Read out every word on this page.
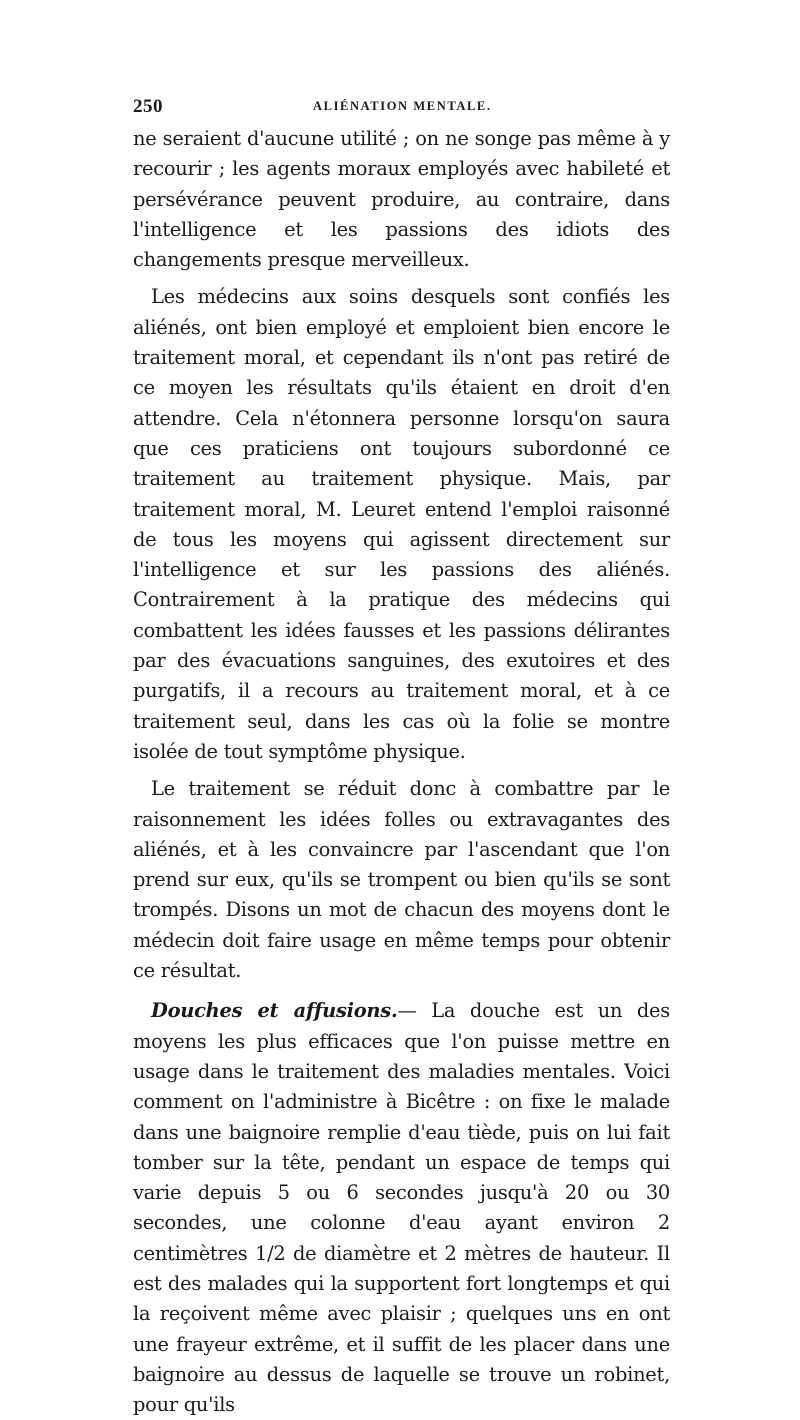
250	ALIÉNATION MENTALE.

ne seraient d'aucune utilité ; on ne songe pas même à y recourir ; les agents moraux employés avec habileté et persévérance peuvent produire, au contraire, dans l'intelligence et les passions des idiots des changements presque merveilleux.

Les médecins aux soins desquels sont confiés les aliénés, ont bien employé et emploient bien encore le traitement moral, et cependant ils n'ont pas retiré de ce moyen les résultats qu'ils étaient en droit d'en attendre. Cela n'étonnera personne lorsqu'on saura que ces praticiens ont toujours subordonné ce traitement au traitement physique. Mais, par traitement moral, M. Leuret entend l'emploi raisonné de tous les moyens qui agissent directement sur l'intelligence et sur les passions des aliénés. Contrairement à la pratique des médecins qui combattent les idées fausses et les passions délirantes par des évacuations sanguines, des exutoires et des purgatifs, il a recours au traitement moral, et à ce traitement seul, dans les cas où la folie se montre isolée de tout symptôme physique.

Le traitement se réduit donc à combattre par le raisonnement les idées folles ou extravagantes des aliénés, et à les convaincre par l'ascendant que l'on prend sur eux, qu'ils se trompent ou bien qu'ils se sont trompés. Disons un mot de chacun des moyens dont le médecin doit faire usage en même temps pour obtenir ce résultat.

Douches et affusions.— La douche est un des moyens les plus efficaces que l'on puisse mettre en usage dans le traitement des maladies mentales. Voici comment on l'administre à Bicêtre : on fixe le malade dans une baignoire remplie d'eau tiède, puis on lui fait tomber sur la tête, pendant un espace de temps qui varie depuis 5 ou 6 secondes jusqu'à 20 ou 30 secondes, une colonne d'eau ayant environ 2 centimètres 1/2 de diamètre et 2 mètres de hauteur. Il est des malades qui la supportent fort longtemps et qui la reçoivent même avec plaisir ; quelques uns en ont une frayeur extrême, et il suffit de les placer dans une baignoire au dessus de laquelle se trouve un robinet, pour qu'ils
